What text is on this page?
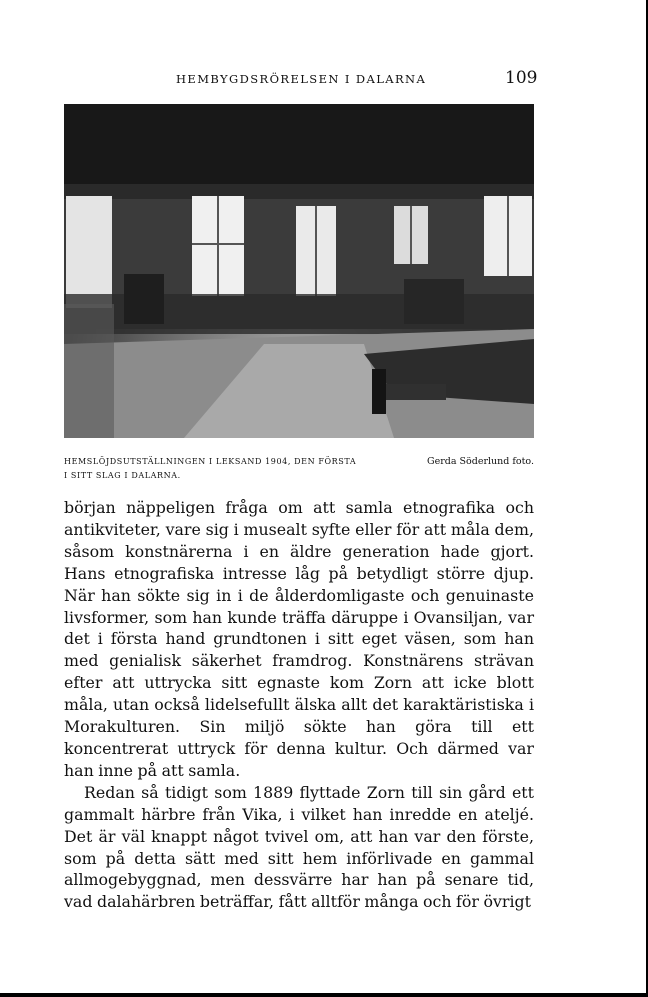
HEMBYGDSRÖRELSEN I DALARNA	109
HEMSLÖJDSUTSTÄLLNINGEN I LEKSAND 1904, DEN FÖRSTA
I SITT SLAG I DALARNA.
Gerda Söderlund foto.

början näppeligen fråga om att samla etnografika och antikviteter, vare sig i musealt syfte eller för att måla dem, såsom konstnärerna i en äldre generation hade gjort. Hans etnografiska intresse låg på betydligt större djup. När han sökte sig in i de ålderdomligaste och genuinaste livsformer, som han kunde träffa däruppe i Ovansiljan, var det i första hand grundtonen i sitt eget väsen, som han med genialisk säkerhet framdrog. Konstnärens strävan efter att uttrycka sitt egnaste kom Zorn att icke blott måla, utan också lidelsefullt älska allt det karaktäristiska i Morakulturen. Sin miljö sökte han göra till ett koncentrerat uttryck för denna kultur. Och därmed var han inne på att samla.

Redan så tidigt som 1889 flyttade Zorn till sin gård ett gammalt härbre från Vika, i vilket han inredde en ateljé. Det är väl knappt något tvivel om, att han var den förste, som på detta sätt med sitt hem införlivade en gammal allmogebyggnad, men dessvärre har han på senare tid, vad dalahärbren beträffar, fått alltför många och för övrigt
